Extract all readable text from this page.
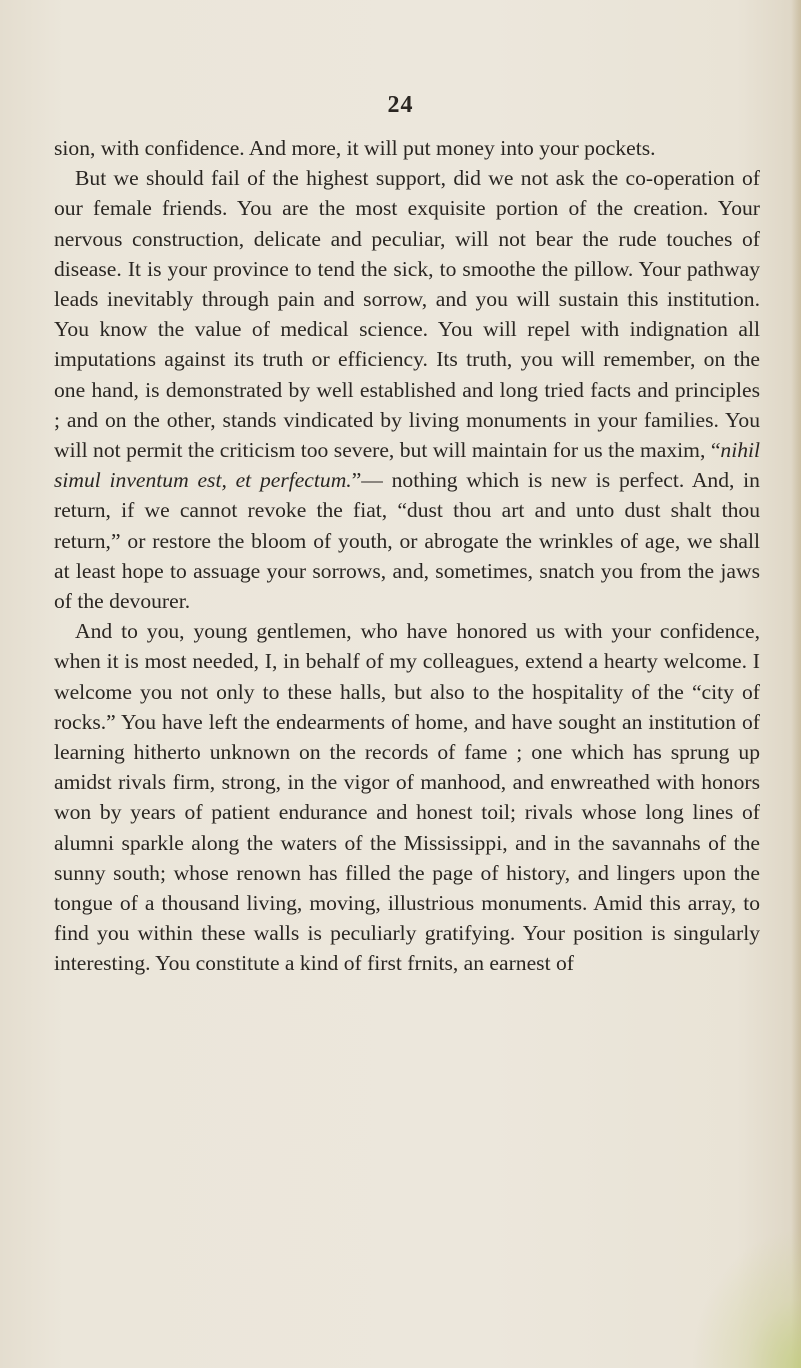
24

sion, with confidence. And more, it will put money into your pockets.

But we should fail of the highest support, did we not ask the co-operation of our female friends. You are the most exquisite portion of the creation. Your nervous construction, delicate and peculiar, will not bear the rude touches of disease. It is your province to tend the sick, to smoothe the pillow. Your pathway leads inevitably through pain and sorrow, and you will sustain this institution. You know the value of medical science. You will repel with indignation all imputations against its truth or efficiency. Its truth, you will remember, on the one hand, is demonstrated by well established and long tried facts and principles ; and on the other, stands vindicated by living monuments in your families. You will not permit the criticism too severe, but will maintain for us the maxim, “nihil simul inventum est, et perfectum.”— nothing which is new is perfect. And, in return, if we cannot revoke the fiat, “dust thou art and unto dust shalt thou return,” or restore the bloom of youth, or abrogate the wrinkles of age, we shall at least hope to assuage your sorrows, and, sometimes, snatch you from the jaws of the devourer.

And to you, young gentlemen, who have honored us with your confidence, when it is most needed, I, in behalf of my colleagues, extend a hearty welcome. I welcome you not only to these halls, but also to the hospitality of the “city of rocks.” You have left the endearments of home, and have sought an institution of learning hitherto unknown on the records of fame ; one which has sprung up amidst rivals firm, strong, in the vigor of manhood, and enwreathed with honors won by years of patient endurance and honest toil; rivals whose long lines of alumni sparkle along the waters of the Mississippi, and in the savannahs of the sunny south; whose renown has filled the page of history, and lingers upon the tongue of a thousand living, moving, illustrious monuments. Amid this array, to find you within these walls is peculiarly gratifying. Your position is singularly interesting. You constitute a kind of first frnits, an earnest of
